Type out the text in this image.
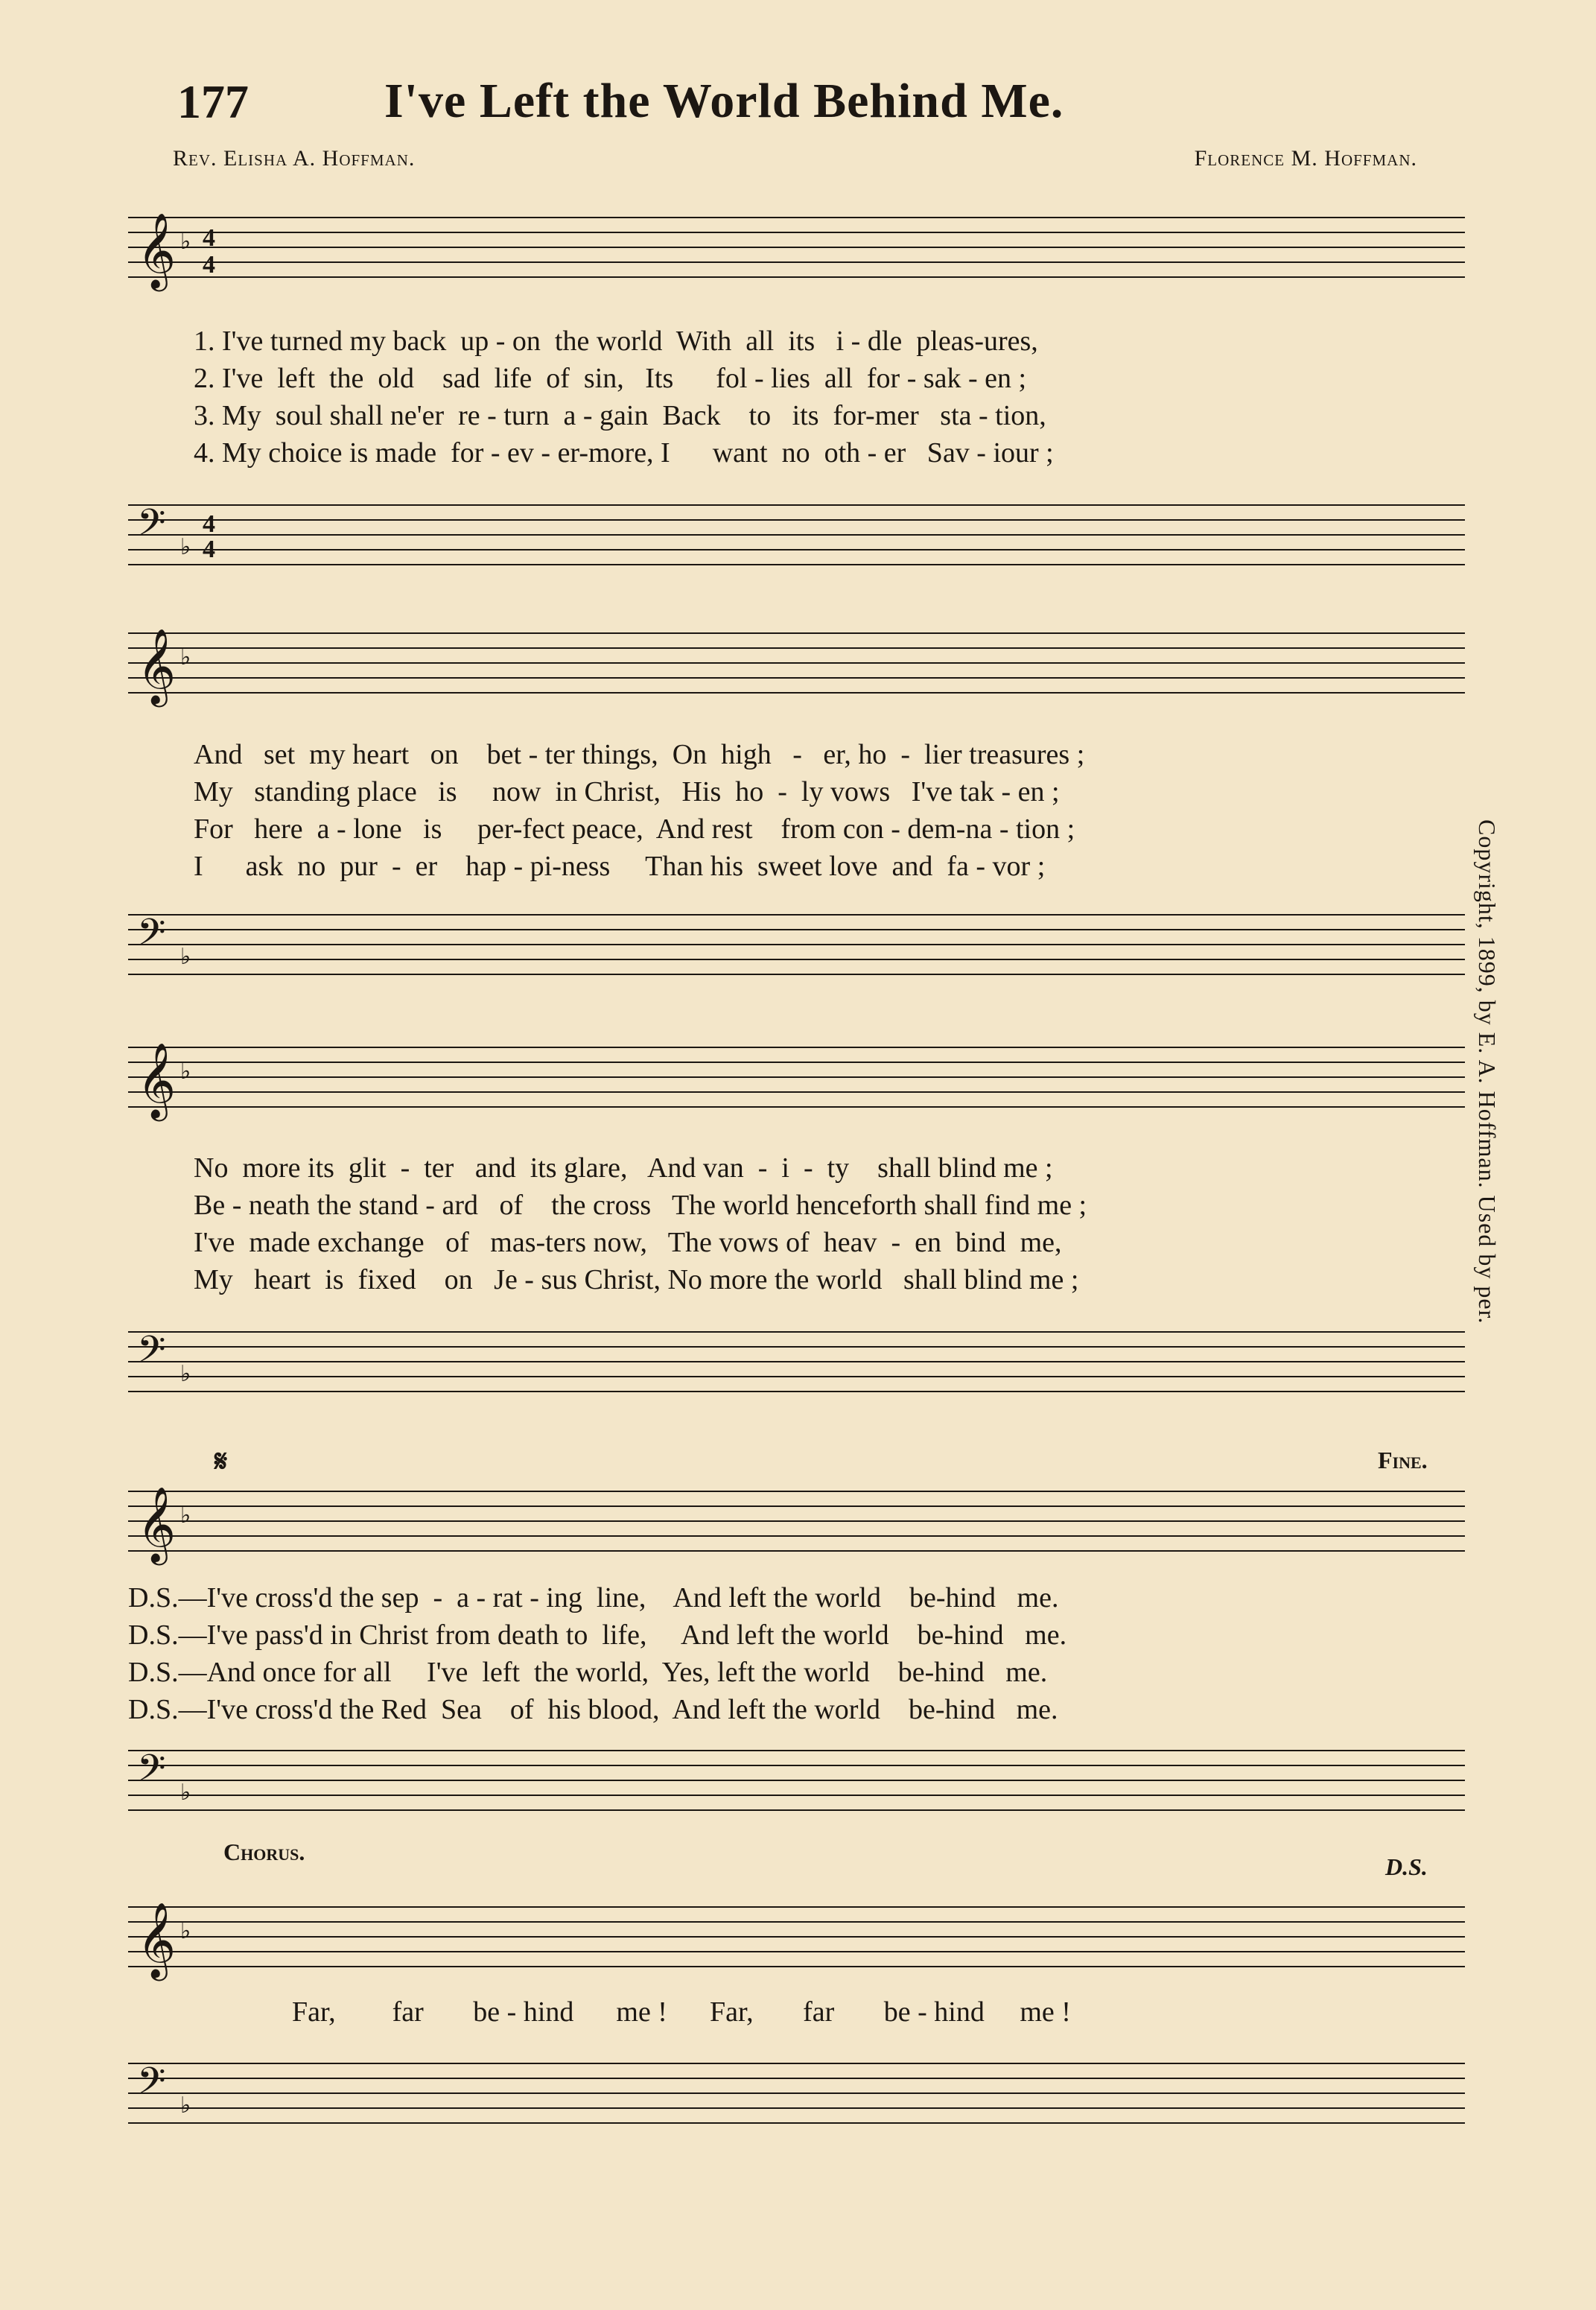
177	I've Left the World Behind Me.
Rev. Elisha A. Hoffman.	Florence M. Hoffman.
𝄞 ♭ 4
4
𝄢 ♭
4
4
1. I've turned my back  up - on  the world  With  all  its   i - dle  pleas-ures,
2. I've  left  the  old    sad  life  of  sin,   Its      fol - lies  all  for - sak - en ;
3. My  soul shall ne'er  re - turn  a - gain  Back    to   its  for-mer   sta - tion,
4. My choice is made  for - ev - er-more, I      want  no  oth - er   Sav - iour ;
𝄞 ♭
𝄢 ♭
And   set  my heart   on    bet - ter things,  On  high   -   er, ho  -  lier treasures ;
My   standing place   is     now  in Christ,   His  ho  -  ly vows   I've tak - en ;
For   here  a - lone   is     per-fect peace,  And rest    from con - dem-na - tion ;
I      ask  no  pur  -  er    hap - pi-ness     Than his  sweet love  and  fa - vor ;
𝄞 ♭
𝄢 ♭
No  more its  glit  -  ter   and  its glare,   And van  -  i  -  ty    shall blind me ;
Be - neath the stand - ard   of    the cross   The world henceforth shall find me ;
I've  made exchange   of   mas-ters now,   The vows of  heav  -  en  bind  me,
My   heart  is  fixed    on   Je - sus Christ, No more the world   shall blind me ;
𝄋	Fine.
𝄞 ♭
𝄢 ♭
D.S.—I've cross'd the sep  -  a - rat - ing  line,    And left the world    be-hind   me.
D.S.—I've pass'd in Christ from death to  life,     And left the world    be-hind   me.
D.S.—And once for all     I've  left  the world,  Yes, left the world    be-hind   me.
D.S.—I've cross'd the Red  Sea    of  his blood,  And left the world    be-hind   me.
Chorus.
D.S.
𝄞 ♭
Far,        far       be - hind      me !      Far,       far       be - hind     me !
𝄢 ♭
Copyright, 1899, by E. A. Hoffman. Used by per.
